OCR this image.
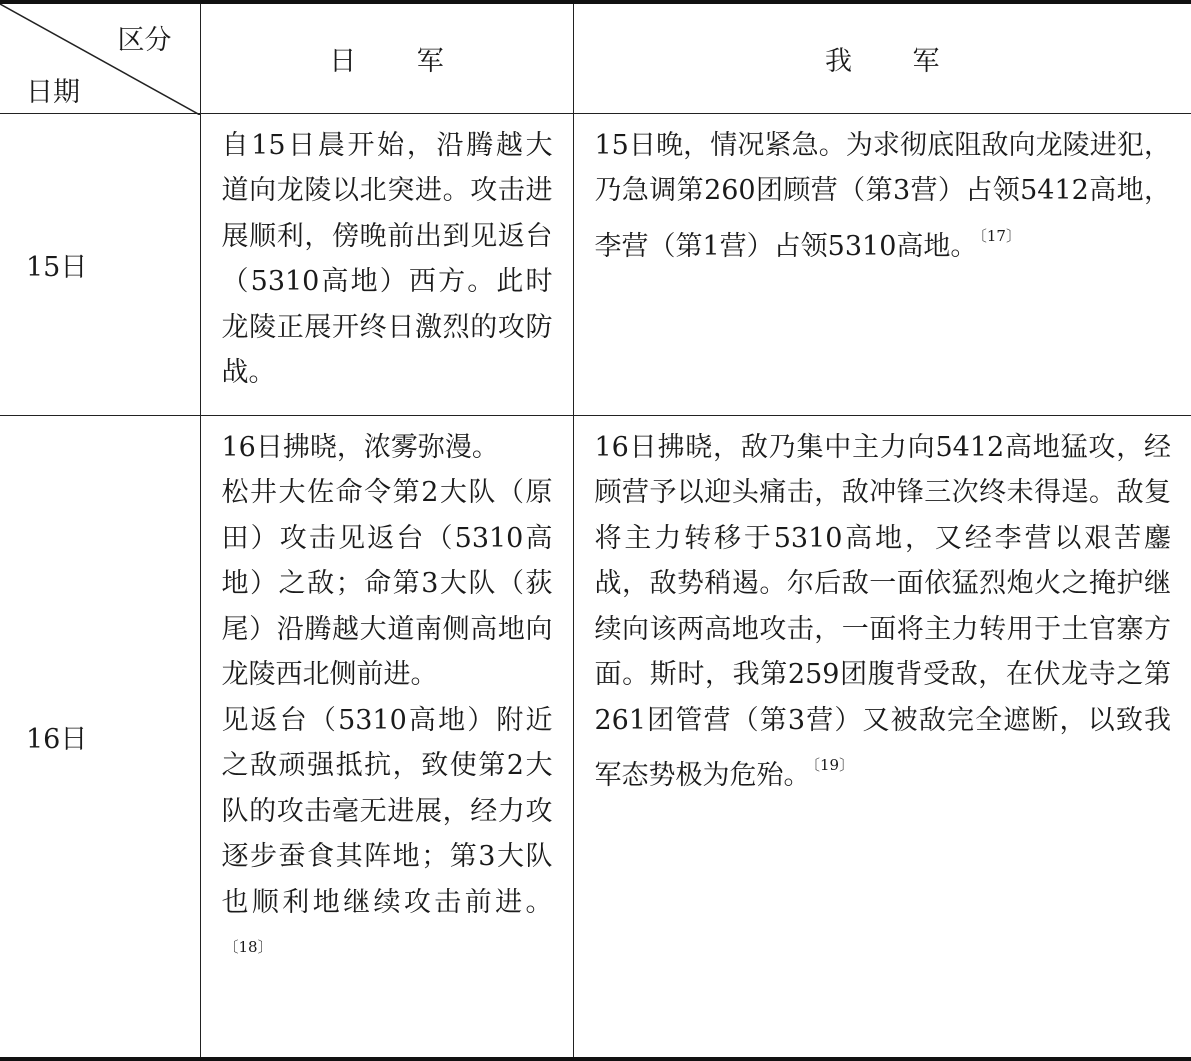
区分
日期	日 军	我 军
15日	自15日晨开始，沿腾越大道向龙陵以北突进。攻击进展顺利，傍晚前出到见返台（5310高地）西方。此时龙陵正展开终日激烈的攻防战。	15日晚，情况紧急。为求彻底阻敌向龙陵进犯，乃急调第260团顾营（第3营）占领5412高地，李营（第1营）占领5310高地。 $^{〔17〕}$

16日	16日拂晓，浓雾弥漫。

松井大佐命令第2大队（原田）攻击见返台（5310高地）之敌；命第3大队（荻尾）沿腾越大道南侧高地向龙陵西北侧前进。

见返台（5310高地）附近之敌顽强抵抗，致使第2大队的攻击毫无进展，经力攻逐步蚕食其阵地；第3大队也顺利地继续攻击前进。$^{〔18〕}$	16日拂晓，敌乃集中主力向5412高地猛攻，经顾营予以迎头痛击，敌冲锋三次终未得逞。敌复将主力转移于5310高地，又经李营以艰苦鏖战，敌势稍遏。尔后敌一面依猛烈炮火之掩护继续向该两高地攻击，一面将主力转用于土官寨方面。斯时，我第259团腹背受敌，在伏龙寺之第261团管营（第3营）又被敌完全遮断，以致我军态势极为危殆。 $^{〔19〕}$
